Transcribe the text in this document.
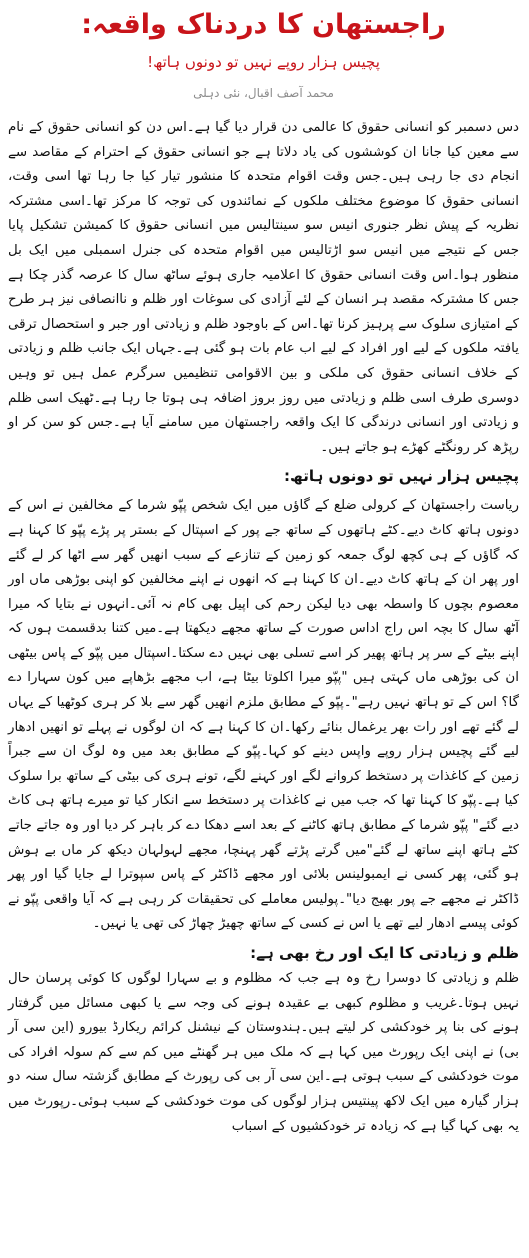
راجستھان کا دردناک واقعہ:
پچیس ہزار روپے نہیں تو دونوں ہاتھ!
محمد آصف اقبال، نئی دہلی

دس دسمبر کو انسانی حقوق کا عالمی دن قرار دیا گیا ہے۔اس دن کو انسانی حقوق کے نام سے معین کیا جانا ان کوششوں کی یاد دلاتا ہے جو انسانی حقوق کے احترام کے مقاصد سے انجام دی جا رہی ہیں۔جس وقت اقوام متحدہ کا منشور تیار کیا جا رہا تھا اسی وقت، انسانی حقوق کا موضوع مختلف ملکوں کے نمائندوں کی توجہ کا مرکز تھا۔اسی مشترکہ نظریہ کے پیش نظر جنوری انیس سو سینتالیس میں انسانی حقوق کا کمیشن تشکیل پایا جس کے نتیجے میں انیس سو اڑتالیس میں اقوام متحدہ کی جنرل اسمبلی میں ایک بل منظور ہوا۔اس وقت انسانی حقوق کا اعلامیہ جاری ہوئے ساٹھ سال کا عرصہ گذر چکا ہے جس کا مشترکہ مقصد ہر انسان کے لئے آزادی کی سوغات اور ظلم و ناانصافی نیز ہر طرح کے امتیازی سلوک سے پرہیز کرنا تھا۔اس کے باوجود ظلم و زیادتی اور جبر و استحصال ترقی یافتہ ملکوں کے لیے اور افراد کے لیے اب عام بات ہو گئی ہے۔جہاں ایک جانب ظلم و زیادتی کے خلاف انسانی حقوق کی ملکی و بین الاقوامی تنظیمیں سرگرم عمل ہیں تو وہیں دوسری طرف اسی ظلم و زیادتی میں روز بروز اضافہ ہی ہوتا جا رہا ہے۔ٹھیک اسی ظلم و زیادتی اور انسانی درندگی کا ایک واقعہ راجستھان میں سامنے آیا ہے۔جس کو سن کر او رپڑھ کر رونگٹے کھڑے ہو جاتے ہیں۔

پچیس ہزار نہیں تو دونوں ہاتھ:

ریاست راجستھان کے کرولی ضلع کے گاؤں میں ایک شخص پپّو شرما کے مخالفین نے اس کے دونوں ہاتھ کاٹ دیے۔کٹے ہاتھوں کے ساتھ جے پور کے اسپتال کے بستر پر پڑے پپّو کا کہنا ہے کہ گاؤں کے ہی کچھ لوگ جمعہ کو زمین کے تنازعے کے سبب انھیں گھر سے اٹھا کر لے گئے اور پھر ان کے ہاتھ کاٹ دیے۔ان کا کہنا ہے کہ انھوں نے اپنے مخالفین کو اپنی بوڑھی ماں اور معصوم بچوں کا واسطہ بھی دیا لیکن رحم کی اپیل بھی کام نہ آئی۔انہوں نے بتایا کہ میرا آٹھ سال کا بچہ اس راج اداس صورت کے ساتھ مجھے دیکھتا ہے۔میں کتنا بدقسمت ہوں کہ اپنے بیٹے کے سر پر ہاتھ پھیر کر اسے تسلی بھی نہیں دے سکتا۔اسپتال میں پپّو کے پاس بیٹھی ان کی بوڑھی ماں کہتی ہیں "پپّو میرا اکلوتا بیٹا ہے، اب مجھے بڑھاپے میں کون سہارا دے گا؟ اس کے تو ہاتھ نہیں رہے"۔پپّو کے مطابق ملزم انھیں گھر سے بلا کر ہری کوٹھیا کے یہاں لے گئے تھے اور رات بھر یرغمال بنائے رکھا۔ان کا کہنا ہے کہ ان لوگوں نے پہلے تو انھیں ادھار لیے گئے پچیس ہزار روپے واپس دینے کو کہا۔پپّو کے مطابق بعد میں وہ لوگ ان سے جبراً زمین کے کاغذات پر دستخط کروانے لگے اور کہنے لگے، تونے ہری کی بیٹی کے ساتھ برا سلوک کیا ہے۔پپّو کا کہنا تھا کہ جب میں نے کاغذات پر دستخط سے انکار کیا تو میرے ہاتھ ہی کاٹ دیے گئے" پپّو شرما کے مطابق ہاتھ کاٹنے کے بعد اسے دھکا دے کر باہر کر دیا اور وہ جاتے جاتے کٹے ہاتھ اپنے ساتھ لے گئے"میں گرتے پڑتے گھر پہنچا، مجھے لہولہان دیکھ کر ماں بے ہوش ہو گئی، پھر کسی نے ایمبولینس بلائی اور مجھے ڈاکٹر کے پاس سپوترا لے جایا گیا اور پھر ڈاکٹر نے مجھے جے پور بھیج دیا"۔پولیس معاملے کی تحقیقات کر رہی ہے کہ آیا واقعی پپّو نے کوئی پیسے ادھار لیے تھے یا اس نے کسی کے ساتھ چھیڑ چھاڑ کی تھی یا نہیں۔

ظلم و زیادتی کا ایک اور رخ بھی ہے:

ظلم و زیادتی کا دوسرا رخ وہ ہے جب کہ مظلوم و بے سہارا لوگوں کا کوئی پرسان حال نہیں ہوتا۔غریب و مظلوم کبھی بے عقیدہ ہونے کی وجہ سے یا کبھی مسائل میں گرفتار ہونے کی بنا پر خودکشی کر لیتے ہیں۔ہندوستان کے نیشنل کرائم ریکارڈ بیورو (این سی آر بی) نے اپنی ایک رپورٹ میں کہا ہے کہ ملک میں ہر گھنٹے میں کم سے کم سولہ افراد کی موت خودکشی کے سبب ہوتی ہے۔این سی آر بی کی رپورٹ کے مطابق گزشتہ سال سنہ دو ہزار گیارہ میں ایک لاکھ پینتیس ہزار لوگوں کی موت خودکشی کے سبب ہوئی۔رپورٹ میں یہ بھی کہا گیا ہے کہ زیادہ تر خودکشیوں کے اسباب
